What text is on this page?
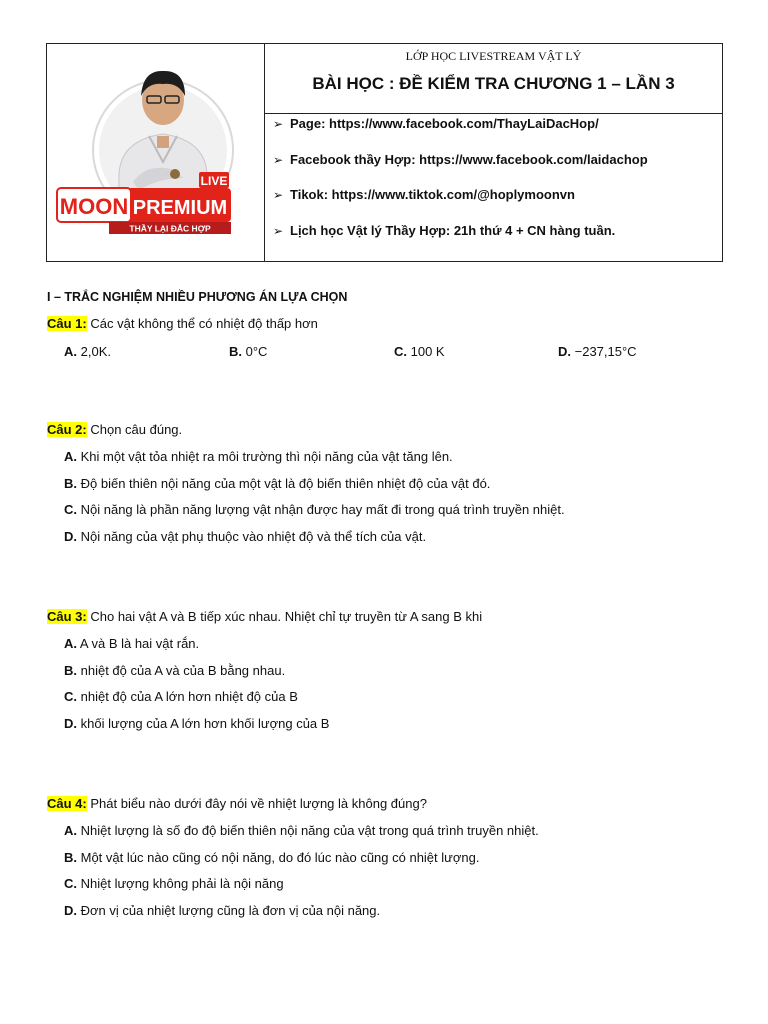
MOON PREMIUM
LIVE
THẦY LẠI ĐẮC HỢP
LỚP HỌC LIVESTREAM VẬT LÝ
BÀI HỌC : ĐỀ KIỂM TRA CHƯƠNG 1 – LẦN 3
➢ Page: https://www.facebook.com/ThayLaiDacHop/
➢ Facebook thầy Hợp: https://www.facebook.com/laidachop
➢ Tikok: https://www.tiktok.com/@hoplymoonvn
➢ Lịch học Vật lý Thầy Hợp: 21h thứ 4 + CN hàng tuần.
I – TRẮC NGHIỆM NHIỀU PHƯƠNG ÁN LỰA CHỌN
Câu 1: Các vật không thể có nhiệt độ thấp hơn
A. 2,0K.	B. 0°C	C. 100 K	D. −237,15°C
Câu 2: Chọn câu đúng.
A. Khi một vật tỏa nhiệt ra môi trường thì nội năng của vật tăng lên.
B. Độ biến thiên nội năng của một vật là độ biến thiên nhiệt độ của vật đó.
C. Nội năng là phần năng lượng vật nhận được hay mất đi trong quá trình truyền nhiệt.
D. Nội năng của vật phụ thuộc vào nhiệt độ và thể tích của vật.
Câu 3: Cho hai vật A và B tiếp xúc nhau. Nhiệt chỉ tự truyền từ A sang B khi
A. A và B là hai vật rắn.
B. nhiệt độ của A và của B bằng nhau.
C. nhiệt độ của A lớn hơn nhiệt độ của B
D. khối lượng của A lớn hơn khối lượng của B
Câu 4: Phát biểu nào dưới đây nói về nhiệt lượng là không đúng?
A. Nhiệt lượng là số đo độ biến thiên nội năng của vật trong quá trình truyền nhiệt.
B. Một vật lúc nào cũng có nội năng, do đó lúc nào cũng có nhiệt lượng.
C. Nhiệt lượng không phải là nội năng
D. Đơn vị của nhiệt lượng cũng là đơn vị của nội năng.
